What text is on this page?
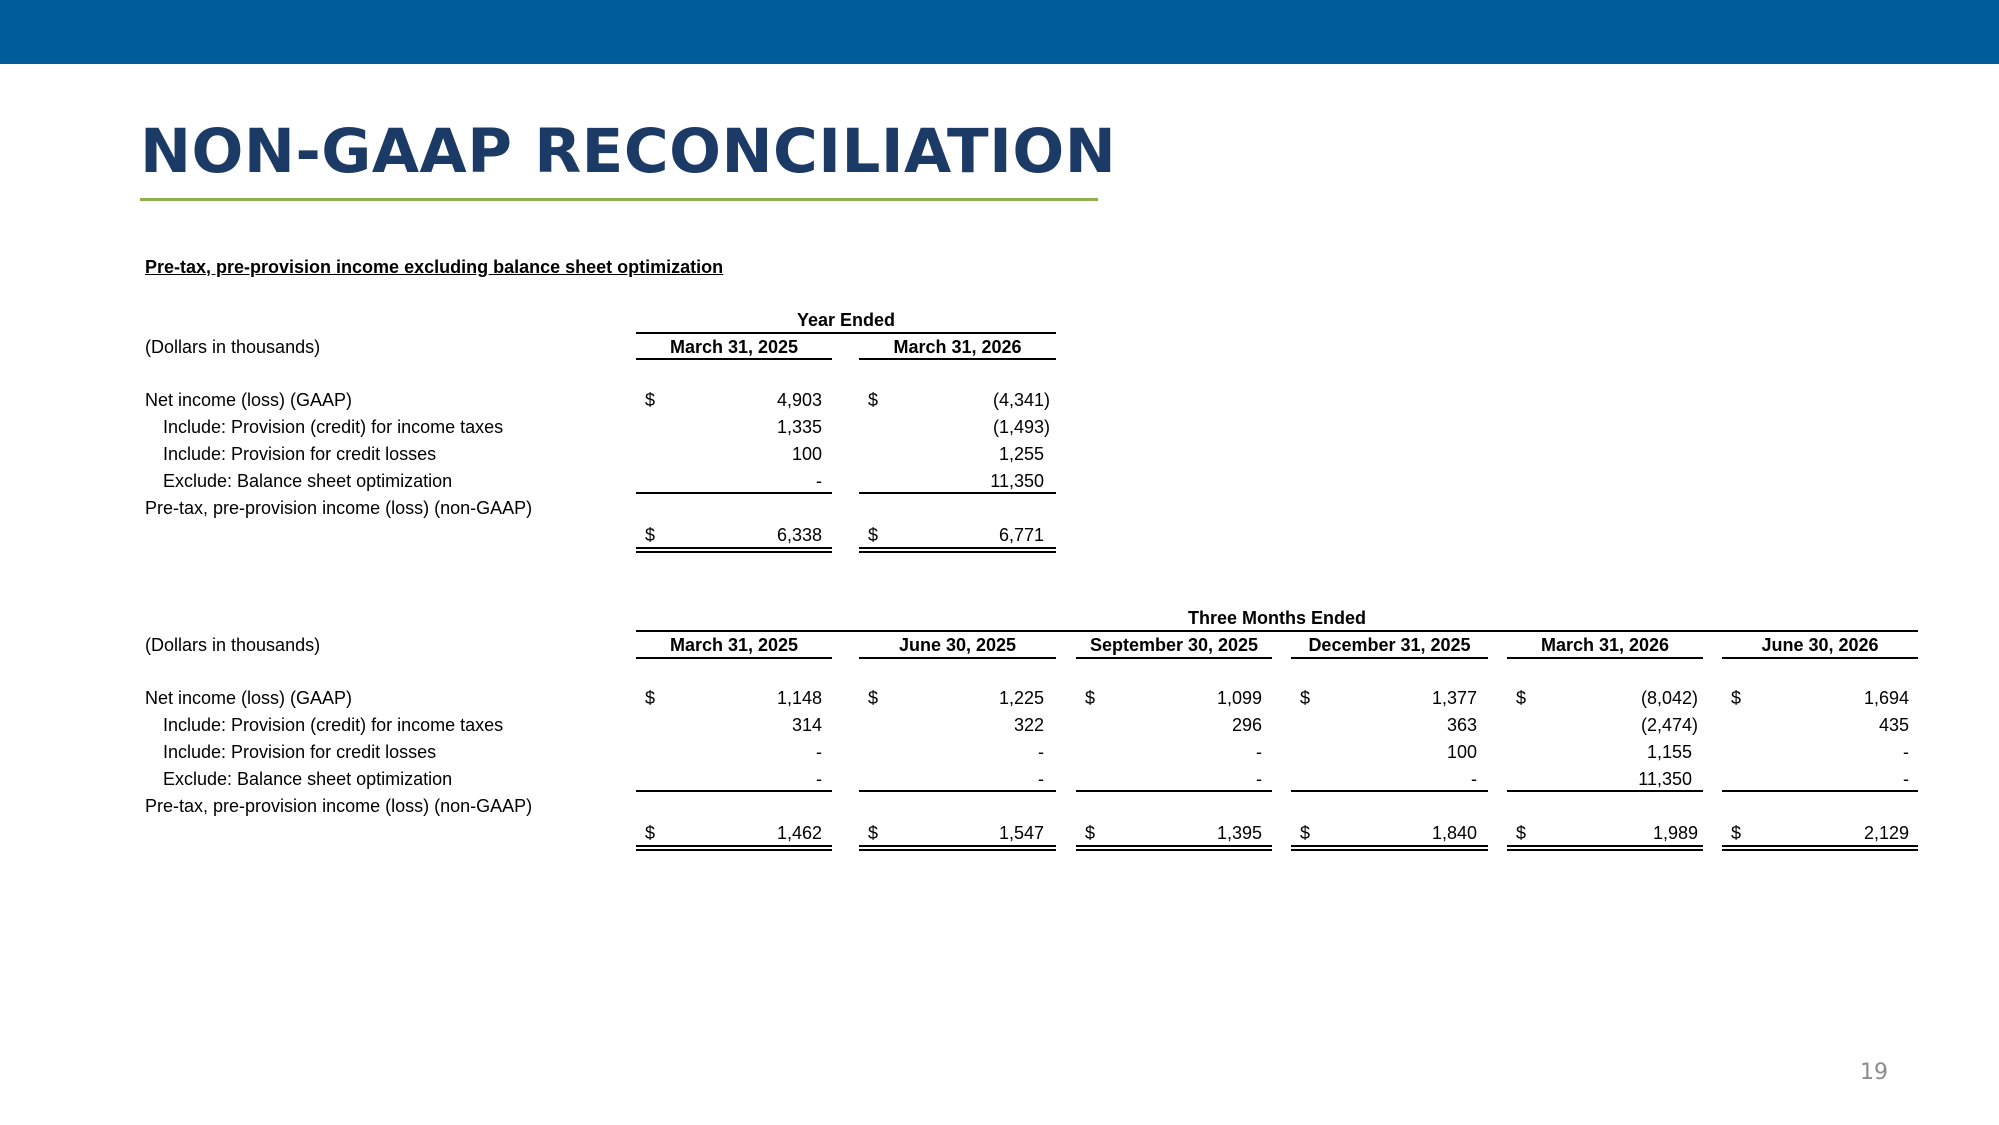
NON-GAAP RECONCILIATION
Pre-tax, pre-provision income excluding balance sheet optimization
Year Ended
(Dollars in thousands)	March 31, 2025	March 31, 2026
Net income (loss) (GAAP)	$	4,903	$	(4,341)
Include: Provision (credit) for income taxes	1,335	(1,493)
Include: Provision for credit losses	100	1,255
Exclude: Balance sheet optimization	-	11,350
Pre-tax, pre-provision income (loss) (non-GAAP)
$	6,338	$	6,771
Three Months Ended
(Dollars in thousands)	March 31, 2025	June 30, 2025	September 30, 2025	December 31, 2025	March 31, 2026	June 30, 2026
Net income (loss) (GAAP)	$	1,148	$	1,225 $	1,099 $	1,377 $	(8,042) $	1,694
Include: Provision (credit) for income taxes	314	322	296	363	(2,474)	435
Include: Provision for credit losses	-	-	-	100	1,155	-
Exclude: Balance sheet optimization	-	-	-	-	11,350	-
Pre-tax, pre-provision income (loss) (non-GAAP)
$	1,462	$	1,547 $	1,395 $	1,840 $	1,989 $	2,129
19
